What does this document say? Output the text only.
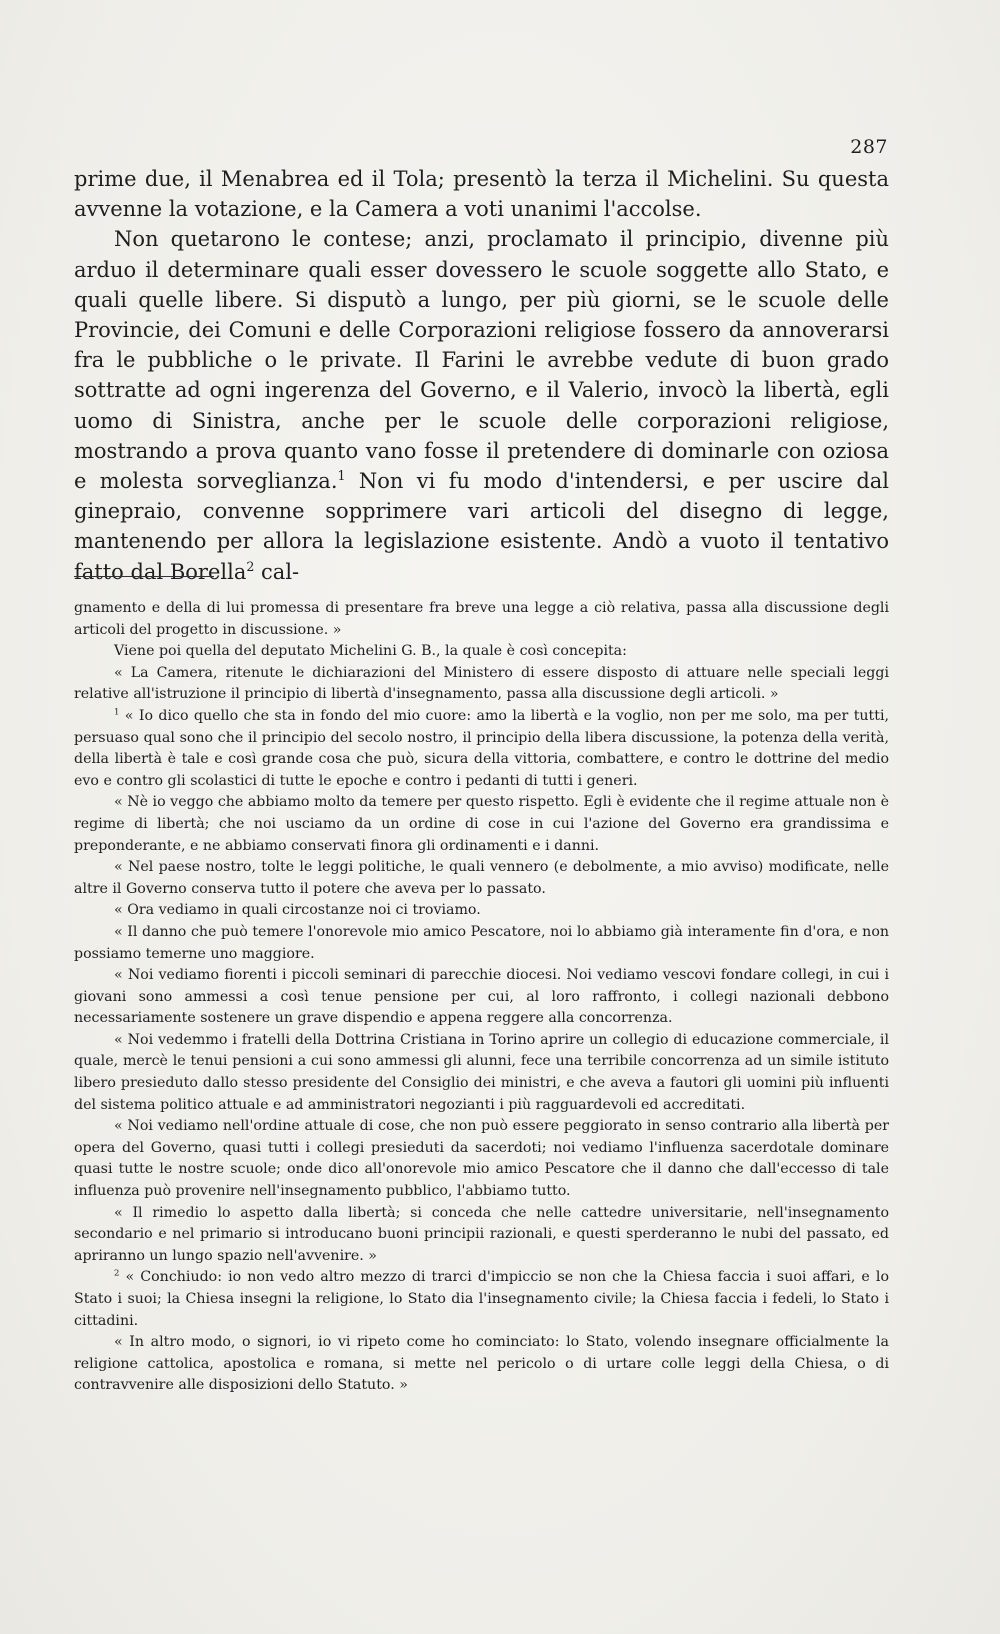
287

prime due, il Menabrea ed il Tola; presentò la terza il Michelini. Su questa avvenne la votazione, e la Camera a voti unanimi l'accolse.

Non quetarono le contese; anzi, proclamato il principio, divenne più arduo il determinare quali esser dovessero le scuole soggette allo Stato, e quali quelle libere. Si disputò a lungo, per più giorni, se le scuole delle Provincie, dei Comuni e delle Corporazioni religiose fossero da annoverarsi fra le pubbliche o le private. Il Farini le avrebbe vedute di buon grado sottratte ad ogni ingerenza del Governo, e il Valerio, invocò la libertà, egli uomo di Sinistra, anche per le scuole delle corporazioni religiose, mostrando a prova quanto vano fosse il pretendere di dominarle con oziosa e molesta sorveglianza.$^1$ Non vi fu modo d'intendersi, e per uscire dal ginepraio, convenne sopprimere vari articoli del disegno di legge, mantenendo per allora la legislazione esistente. Andò a vuoto il tentativo fatto dal Borella$^2$ cal-

gnamento e della di lui promessa di presentare fra breve una legge a ciò relativa, passa alla discussione degli articoli del progetto in discussione. »

Viene poi quella del deputato Michelini G. B., la quale è così concepita:

« La Camera, ritenute le dichiarazioni del Ministero di essere disposto di attuare nelle speciali leggi relative all'istruzione il principio di libertà d'insegnamento, passa alla discussione degli articoli. »

$^1$ « Io dico quello che sta in fondo del mio cuore: amo la libertà e la voglio, non per me solo, ma per tutti, persuaso qual sono che il principio del secolo nostro, il principio della libera discussione, la potenza della verità, della libertà è tale e così grande cosa che può, sicura della vittoria, combattere, e contro le dottrine del medio evo e contro gli scolastici di tutte le epoche e contro i pedanti di tutti i generi.

« Nè io veggo che abbiamo molto da temere per questo rispetto. Egli è evidente che il regime attuale non è regime di libertà; che noi usciamo da un ordine di cose in cui l'azione del Governo era grandissima e preponderante, e ne abbiamo conservati finora gli ordinamenti e i danni.

« Nel paese nostro, tolte le leggi politiche, le quali vennero (e debolmente, a mio avviso) modificate, nelle altre il Governo conserva tutto il potere che aveva per lo passato.

« Ora vediamo in quali circostanze noi ci troviamo.

« Il danno che può temere l'onorevole mio amico Pescatore, noi lo abbiamo già interamente fin d'ora, e non possiamo temerne uno maggiore.

« Noi vediamo fiorenti i piccoli seminari di parecchie diocesi. Noi vediamo vescovi fondare collegi, in cui i giovani sono ammessi a così tenue pensione per cui, al loro raffronto, i collegi nazionali debbono necessariamente sostenere un grave dispendio e appena reggere alla concorrenza.

« Noi vedemmo i fratelli della Dottrina Cristiana in Torino aprire un collegio di educazione commerciale, il quale, mercè le tenui pensioni a cui sono ammessi gli alunni, fece una terribile concorrenza ad un simile istituto libero presieduto dallo stesso presidente del Consiglio dei ministri, e che aveva a fautori gli uomini più influenti del sistema politico attuale e ad amministratori negozianti i più ragguardevoli ed accreditati.

« Noi vediamo nell'ordine attuale di cose, che non può essere peggiorato in senso contrario alla libertà per opera del Governo, quasi tutti i collegi presieduti da sacerdoti; noi vediamo l'influenza sacerdotale dominare quasi tutte le nostre scuole; onde dico all'onorevole mio amico Pescatore che il danno che dall'eccesso di tale influenza può provenire nell'insegnamento pubblico, l'abbiamo tutto.

« Il rimedio lo aspetto dalla libertà; si conceda che nelle cattedre universitarie, nell'insegnamento secondario e nel primario si introducano buoni principii razionali, e questi sperderanno le nubi del passato, ed apriranno un lungo spazio nell'avvenire. »

$^2$ « Conchiudo: io non vedo altro mezzo di trarci d'impiccio se non che la Chiesa faccia i suoi affari, e lo Stato i suoi; la Chiesa insegni la religione, lo Stato dia l'insegnamento civile; la Chiesa faccia i fedeli, lo Stato i cittadini.

« In altro modo, o signori, io vi ripeto come ho cominciato: lo Stato, volendo insegnare officialmente la religione cattolica, apostolica e romana, si mette nel pericolo o di urtare colle leggi della Chiesa, o di contravvenire alle disposizioni dello Statuto. »
